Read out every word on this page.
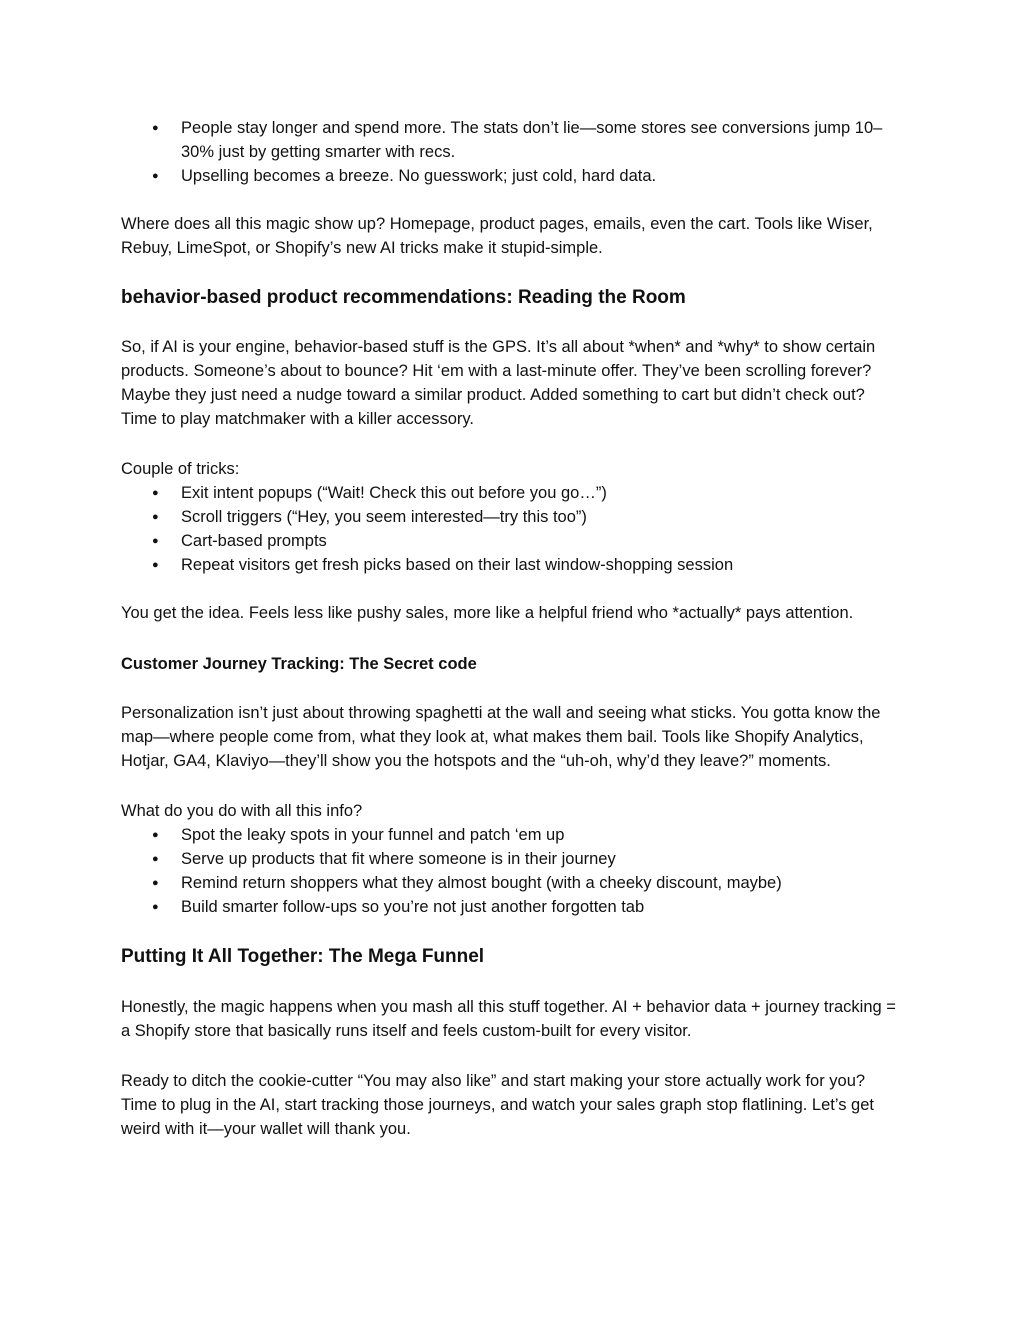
● People stay longer and spend more. The stats don’t lie—some stores see conversions jump 10–30% just by getting smarter with recs.
● Upselling becomes a breeze. No guesswork; just cold, hard data.

Where does all this magic show up? Homepage, product pages, emails, even the cart. Tools like Wiser, Rebuy, LimeSpot, or Shopify’s new AI tricks make it stupid-simple.

behavior-based product recommendations: Reading the Room

So, if AI is your engine, behavior-based stuff is the GPS. It’s all about *when* and *why* to show certain products. Someone’s about to bounce? Hit ‘em with a last-minute offer. They’ve been scrolling forever? Maybe they just need a nudge toward a similar product. Added something to cart but didn’t check out? Time to play matchmaker with a killer accessory.

Couple of tricks:

● Exit intent popups (“Wait! Check this out before you go…”)
● Scroll triggers (“Hey, you seem interested—try this too”)
● Cart-based prompts
● Repeat visitors get fresh picks based on their last window-shopping session

You get the idea. Feels less like pushy sales, more like a helpful friend who *actually* pays attention.

Customer Journey Tracking: The Secret code

Personalization isn’t just about throwing spaghetti at the wall and seeing what sticks. You gotta know the map—where people come from, what they look at, what makes them bail. Tools like Shopify Analytics, Hotjar, GA4, Klaviyo—they’ll show you the hotspots and the “uh-oh, why’d they leave?” moments.

What do you do with all this info?

● Spot the leaky spots in your funnel and patch ‘em up
● Serve up products that fit where someone is in their journey
● Remind return shoppers what they almost bought (with a cheeky discount, maybe)
● Build smarter follow-ups so you’re not just another forgotten tab
Putting It All Together: The Mega Funnel

Honestly, the magic happens when you mash all this stuff together. AI + behavior data + journey tracking = a Shopify store that basically runs itself and feels custom-built for every visitor.

Ready to ditch the cookie-cutter “You may also like” and start making your store actually work for you? Time to plug in the AI, start tracking those journeys, and watch your sales graph stop flatlining. Let’s get weird with it—your wallet will thank you.
